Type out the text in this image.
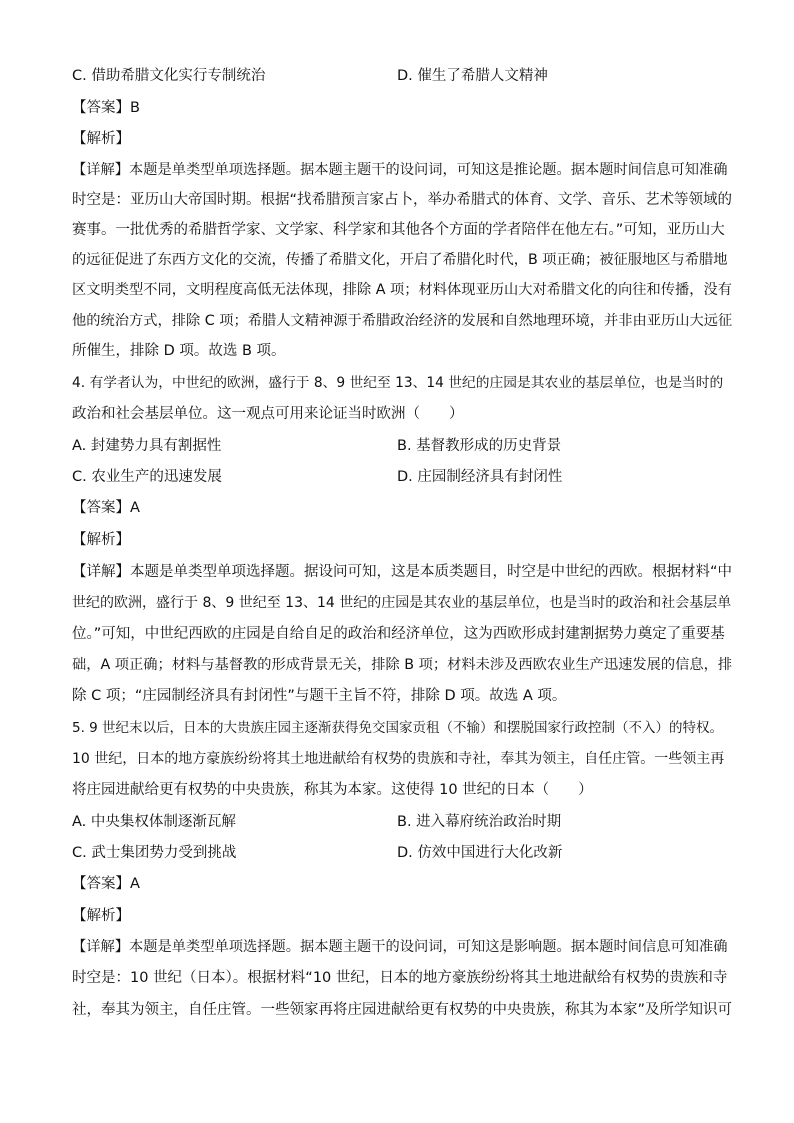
C. 借助希腊文化实行专制统治	D. 催生了希腊人文精神
【答案】B
【解析】
【详解】本题是单类型单项选择题。据本题主题干的设问词，可知这是推论题。据本题时间信息可知准确
时空是：亚历山大帝国时期。根据“找希腊预言家占卜，举办希腊式的体育、文学、音乐、艺术等领域的
赛事。一批优秀的希腊哲学家、文学家、科学家和其他各个方面的学者陪伴在他左右。”可知，亚历山大
的远征促进了东西方文化的交流，传播了希腊文化，开启了希腊化时代，B 项正确；被征服地区与希腊地
区文明类型不同，文明程度高低无法体现，排除 A 项；材料体现亚历山大对希腊文化的向往和传播，没有
他的统治方式，排除 C 项；希腊人文精神源于希腊政治经济的发展和自然地理环境，并非由亚历山大远征
所催生，排除 D 项。故选 B 项。
4. 有学者认为，中世纪的欧洲，盛行于 8、9 世纪至 13、14 世纪的庄园是其农业的基层单位，也是当时的
政治和社会基层单位。这一观点可用来论证当时欧洲（　　）
A. 封建势力具有割据性	B. 基督教形成的历史背景
C. 农业生产的迅速发展	D. 庄园制经济具有封闭性
【答案】A
【解析】
【详解】本题是单类型单项选择题。据设问可知，这是本质类题目，时空是中世纪的西欧。根据材料“中
世纪的欧洲，盛行于 8、9 世纪至 13、14 世纪的庄园是其农业的基层单位，也是当时的政治和社会基层单
位。”可知，中世纪西欧的庄园是自给自足的政治和经济单位，这为西欧形成封建割据势力奠定了重要基
础，A 项正确；材料与基督教的形成背景无关，排除 B 项；材料未涉及西欧农业生产迅速发展的信息，排
除 C 项；“庄园制经济具有封闭性”与题干主旨不符，排除 D 项。故选 A 项。
5. 9 世纪末以后，日本的大贵族庄园主逐渐获得免交国家贡租（不输）和摆脱国家行政控制（不入）的特权。
10 世纪，日本的地方豪族纷纷将其土地进献给有权势的贵族和寺社，奉其为领主，自任庄管。一些领主再
将庄园进献给更有权势的中央贵族，称其为本家。这使得 10 世纪的日本（　　）
A. 中央集权体制逐渐瓦解	B. 进入幕府统治政治时期
C. 武士集团势力受到挑战	D. 仿效中国进行大化改新
【答案】A
【解析】
【详解】本题是单类型单项选择题。据本题主题干的设问词，可知这是影响题。据本题时间信息可知准确
时空是：10 世纪（日本）。根据材料“10 世纪，日本的地方豪族纷纷将其土地进献给有权势的贵族和寺
社，奉其为领主，自任庄管。一些领家再将庄园进献给更有权势的中央贵族，称其为本家”及所学知识可
